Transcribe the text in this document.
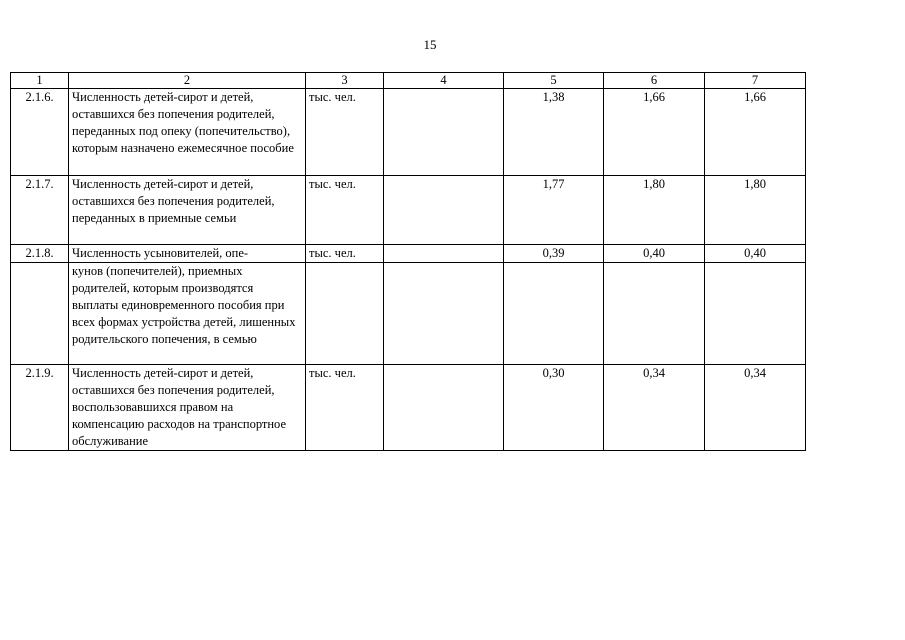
15
1	2	3	4	5	6	7
2.1.6.	Численность детей-сирот и детей, оставшихся без попечения родителей, переданных под опеку (попечительство), которым назначено ежемесячное пособие	тыс. чел.		1,38	1,66	1,66
2.1.7.	Численность детей-сирот и детей, оставшихся без попечения родителей, переданных в приемные семьи	тыс. чел.		1,77	1,80	1,80
2.1.8.	Численность усыновителей, опе-	тыс. чел.		0,39	0,40	0,40
	кунов (попечителей), приемных родителей, которым производятся выплаты единовременного пособия при всех формах устройства детей, лишенных родительского попечения, в семью					
2.1.9.	Численность детей-сирот и детей, оставшихся без попечения родителей, воспользовавшихся правом на компенсацию расходов на транспортное обслуживание	тыс. чел.		0,30	0,34	0,34
